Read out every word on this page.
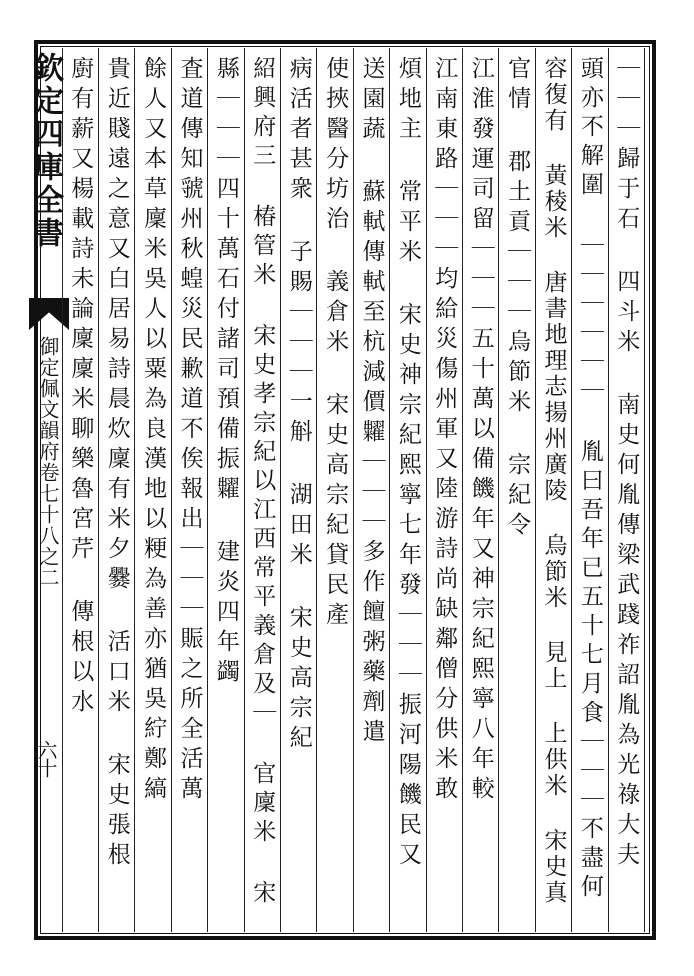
欽定四庫全書
御定佩文韻府卷七十八之二
六十	｜｜｜歸于石 四斗米 南史何胤傳梁武踐祚詔胤為光祿大夫
頭亦不解圍 ｜｜｜｜｜｜ 胤曰吾年已五十七月食｜｜｜不盡何
容復有 黃稜米 唐書地理志揚州廣陵 烏節米 見上 上供米 宋史真
官情 郡土貢｜｜｜烏節米 宗紀令
江淮發運司留｜｜｜五十萬以備饑年又神宗紀熙寧八年較
江南東路｜｜｜均給災傷州軍又陸游詩尚缺鄰僧分供米敢
煩地主 常平米 宋史神宗紀熙寧七年發｜｜｜振河陽饑民又
送園蔬 蘇軾傳軾至杭減價糶｜｜｜多作饘粥藥劑遣
使挾醫分坊治 義倉米 宋史高宗紀貸民產
病活者甚衆 子賜｜｜｜一斛 湖田米 宋史高宗紀
紹興府三 椿管米 宋史孝宗紀以江西常平義倉及｜ 官廩米 宋
縣｜｜｜四十萬石付諸司預備振糶 建炎四年蠲
査道傳知虢州秋蝗災民歉道不俟報出｜｜｜賑之所全活萬
餘人又本草廩米吳人以粟為良漢地以粳為善亦猶吳紵鄭縞
貴近賤遠之意又白居易詩晨炊廩有米夕爨 活口米 宋史張根
廚有薪又楊載詩未論廩廩米聊樂魯宮芹 傳根以水
